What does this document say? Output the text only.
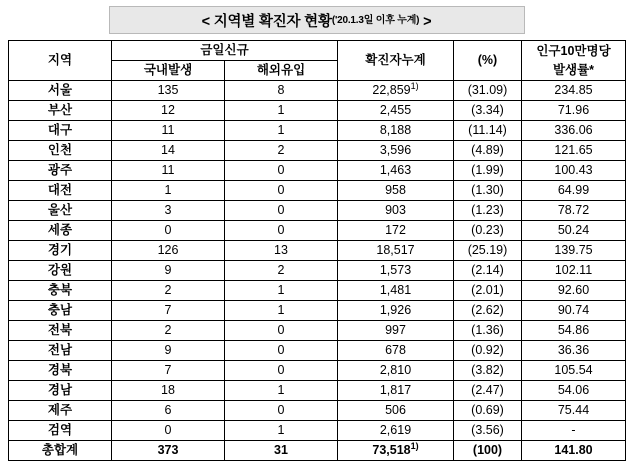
< 지역별 확진자 현황$^{('20.1.3일 이후 누계)}$ >
지역	금일신규		확진자누계	(%)	인구10만명당
발생률*

	국내발생	해외유입			
서울	135	8	22,859$^{1)}$	(31.09)	234.85
부산	12	1	2,455	(3.34)	71.96
대구	11	1	8,188	(11.14)	336.06
인천	14	2	3,596	(4.89)	121.65
광주	11	0	1,463	(1.99)	100.43
대전	1	0	958	(1.30)	64.99
울산	3	0	903	(1.23)	78.72
세종	0	0	172	(0.23)	50.24
경기	126	13	18,517	(25.19)	139.75
강원	9	2	1,573	(2.14)	102.11
충북	2	1	1,481	(2.01)	92.60
충남	7	1	1,926	(2.62)	90.74
전북	2	0	997	(1.36)	54.86
전남	9	0	678	(0.92)	36.36
경북	7	0	2,810	(3.82)	105.54
경남	18	1	1,817	(2.47)	54.06
제주	6	0	506	(0.69)	75.44
검역	0	1	2,619	(3.56)	-
총합계	373	31	73,518$^{1)}$	(100)	141.80
